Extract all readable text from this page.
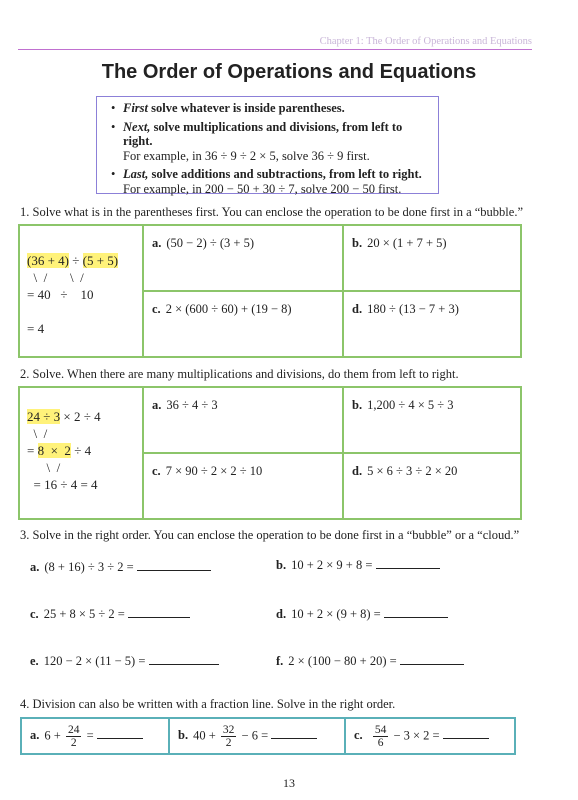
Chapter 1: The Order of Operations and Equations
The Order of Operations and Equations
• First solve whatever is inside parentheses.
• Next, solve multiplications and divisions, from left to right.
For example, in 36 ÷ 9 ÷ 2 × 5, solve 36 ÷ 9 first.
• Last, solve additions and subtractions, from left to right.
For example, in 200 − 50 + 30 ÷ 7, solve 200 − 50 first.
1. Solve what is in the parentheses first. You can enclose the operation to be done first in a “bubble.”
(36 + 4) ÷ (5 + 5)
\  /       \  /
= 40   ÷    10

= 4	a. (50 − 2) ÷ (3 + 5)	b. 20 × (1 + 7 + 5)

	c. 2 × (600 ÷ 60) + (19 − 8)	d. 180 ÷ (13 − 7 + 3)
2. Solve. When there are many multiplications and divisions, do them from left to right.
24 ÷ 3 × 2 ÷ 4
\  /
= 8  ×  2 ÷ 4
\  /
= 16 ÷ 4 = 4	a. 36 ÷ 4 ÷ 3	b. 1,200 ÷ 4 × 5 ÷ 3

	c. 7 × 90 ÷ 2 × 2 ÷ 10	d. 5 × 6 ÷ 3 ÷ 2 × 20
3. Solve in the right order. You can enclose the operation to be done first in a “bubble” or a “cloud.”
a. (8 + 16) ÷ 3 ÷ 2 =	b. 10 + 2 × 9 + 8 =
c. 25 + 8 × 5 ÷ 2 =	d. 10 + 2 × (9 + 8) =
e. 120 − 2 × (11 − 5) =	f. 2 × (100 − 80 + 20) =
4. Division can also be written with a fraction line. Solve in the right order.
a. $6 + \frac{24}{2}$ =	b. $40 + \frac{32}{2} - 6$ =	c. $\frac{54}{6} - 3 \times 2$ =
13
